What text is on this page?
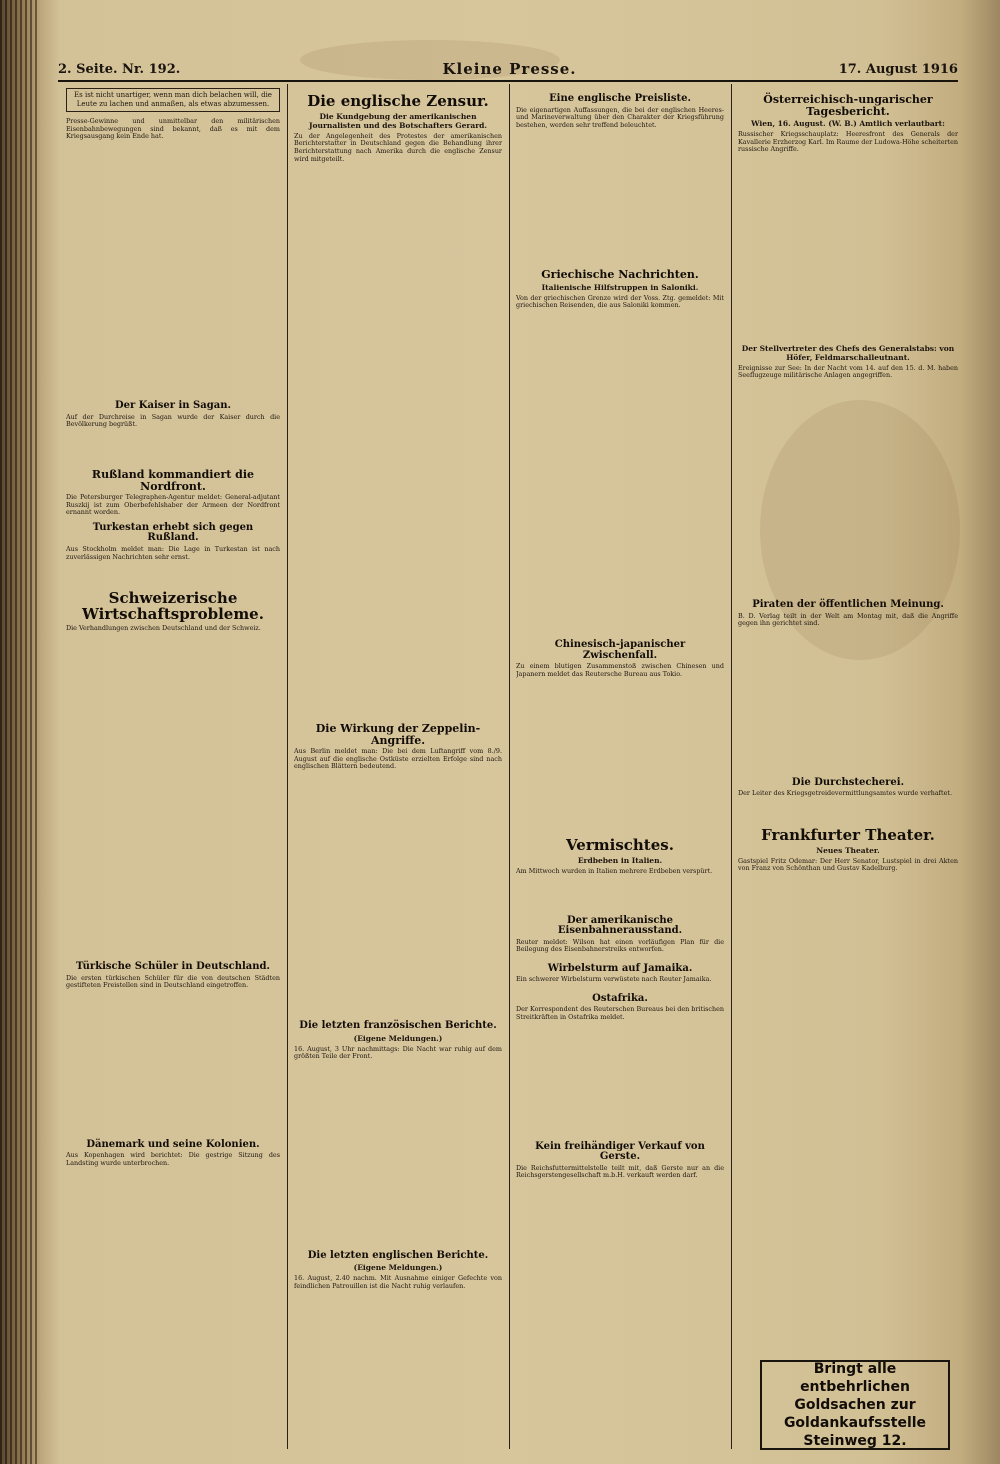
2. Seite. Nr. 192.	Kleine Presse.	17. August 1916
Es ist nicht unartiger, wenn man dich belachen will, die Leute zu lachen und anmaßen, als etwas abzumessen.
Presse-Gewinne und unmittelbar den militärischen Eisenbahnbewegungen sind bekannt, daß es mit dem Kriegsausgang kein Ende hat.
⠀
Der Kaiser in Sagan.
Auf der Durchreise in Sagan wurde der Kaiser durch die Bevölkerung begrüßt.
Rußland kommandiert die Nordfront.
Die Petersburger Telegraphen-Agentur meldet: General-adjutant Ruszkij ist zum Oberbefehlshaber der Armeen der Nordfront ernannt worden.
Turkestan erhebt sich gegen Rußland.
Aus Stockholm meldet man: Die Lage in Turkestan ist nach zuverlässigen Nachrichten sehr ernst.
Schweizerische Wirtschaftsprobleme.
Die Verhandlungen zwischen Deutschland und der Schweiz.
Türkische Schüler in Deutschland.
Die ersten türkischen Schüler für die von deutschen Städten gestifteten Freistellen sind in Deutschland eingetroffen.
Dänemark und seine Kolonien.
Aus Kopenhagen wird berichtet: Die gestrige Sitzung des Landsting wurde unterbrochen.
Die englische Zensur.
Die Kundgebung der amerikanischen Journalisten und des Botschafters Gerard.
Zu der Angelegenheit des Protestes der amerikanischen Berichterstatter in Deutschland gegen die Behandlung ihrer Berichterstattung nach Amerika durch die englische Zensur wird mitgeteilt.
Die Wirkung der Zeppelin-Angriffe.
Aus Berlin meldet man: Die bei dem Luftangriff vom 8./9. August auf die englische Ostküste erzielten Erfolge sind nach englischen Blättern bedeutend.
Die letzten französischen Berichte.
(Eigene Meldungen.)
16. August, 3 Uhr nachmittags: Die Nacht war ruhig auf dem größten Teile der Front.
Die letzten englischen Berichte.
(Eigene Meldungen.)
16. August, 2.40 nachm. Mit Ausnahme einiger Gefechte von feindlichen Patrouillen ist die Nacht ruhig verlaufen.
Eine englische Preisliste.
Die eigenartigen Auffassungen, die bei der englischen Heeres- und Marineverwaltung über den Charakter der Kriegsführung bestehen, werden sehr treffend beleuchtet.
Griechische Nachrichten.
Italienische Hilfstruppen in Saloniki.
Von der griechischen Grenze wird der Voss. Ztg. gemeldet: Mit griechischen Reisenden, die aus Saloniki kommen.
Chinesisch-japanischer Zwischenfall.
Zu einem blutigen Zusammenstoß zwischen Chinesen und Japanern meldet das Reutersche Bureau aus Tokio.
Vermischtes.
Erdbeben in Italien.
Am Mittwoch wurden in Italien mehrere Erdbeben verspürt.
Der amerikanische Eisenbahnerausstand.
Reuter meldet: Wilson hat einen vorläufigen Plan für die Beilegung des Eisenbahnerstreiks entworfen.
Wirbelsturm auf Jamaika.
Ein schwerer Wirbelsturm verwüstete nach Reuter Jamaika.
Ostafrika.
Der Korrespondent des Reuterschen Bureaus bei den britischen Streitkräften in Ostafrika meldet.
Kein freihändiger Verkauf von Gerste.
Die Reichsfuttermittelstelle teilt mit, daß Gerste nur an die Reichsgerstengesellschaft m.b.H. verkauft werden darf.
Österreichisch-ungarischer Tagesbericht.
Wien, 16. August. (W. B.) Amtlich verlautbart:
Russischer Kriegsschauplatz: Heeresfront des Generals der Kavallerie Erzherzog Karl. Im Raume der Ludowa-Höhe scheiterten russische Angriffe.
Der Stellvertreter des Chefs des Generalstabs: von Höfer, Feldmarschalleutnant.
Ereignisse zur See: In der Nacht vom 14. auf den 15. d. M. haben Seeflugzeuge militärische Anlagen angegriffen.
Piraten der öffentlichen Meinung.
B. D. Verlag teilt in der Welt am Montag mit, daß die Angriffe gegen ihn gerichtet sind.
Die Durchstecherei.
Der Leiter des Kriegsgetreidevermittlungsamtes wurde verhaftet.
Frankfurter Theater.
Neues Theater.
Gastspiel Fritz Odemar: Der Herr Senator, Lustspiel in drei Akten von Franz von Schönthan und Gustav Kadelburg.
Bringt alle entbehrlichen Goldsachen zur Goldankaufsstelle Steinweg 12.
